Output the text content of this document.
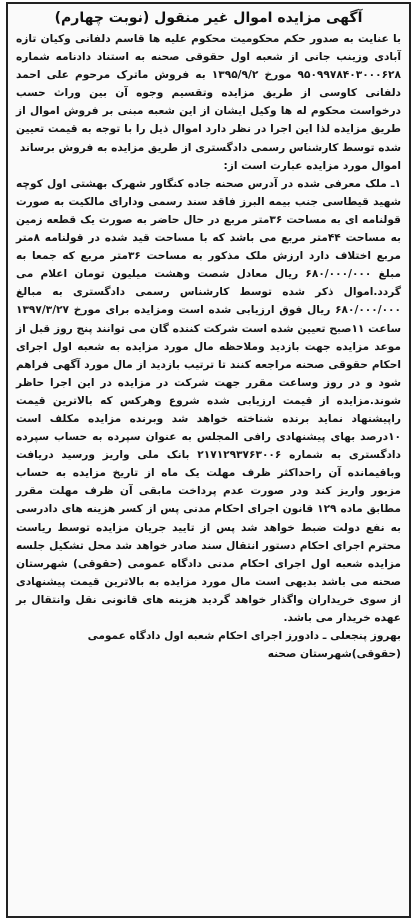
آگهی مزایده اموال غیر منقول (نوبت چهارم)

با عنایت به صدور حکم محکومیت محکوم علیه ها قاسم دلفانی وکیان تازه آبادی وزینب جانی از شعبه اول حقوقی صحنه به استناد دادنامه شماره ۹۵۰۹۹۷۸۴۰۳۰۰۰۶۲۸ مورخ ۱۳۹۵/۹/۲ به فروش ماترک مرحوم علی احمد دلفانی کاوسی از طریق مزایده وتقسیم وجوه آن بین وراث حسب درخواست محکوم له ها وکیل ایشان از این شعبه مبنی بر فروش اموال از طریق مزایده لذا این اجرا در نظر دارد اموال ذیل را با توجه به قیمت تعیین شده توسط کارشناس رسمی دادگستری از طریق مزایده به فروش برساند

اموال مورد مزایده عبارت است از:

۱ـ ملک معرفی شده در آدرس صحنه جاده کنگاور شهرک بهشتی اول کوچه شهید قیطاسی جنب بیمه البرز فاقد سند رسمی ودارای مالکیت به صورت قولنامه ای به مساحت ۳۶متر مربع در حال حاضر به صورت یک قطعه زمین به مساحت ۴۴متر مربع می باشد که با مساحت قید شده در قولنامه ۸متر مربع اختلاف دارد ارزش ملک مذکور به مساحت ۳۶متر مربع که جمعا به مبلغ ۶۸۰/۰۰۰/۰۰۰ ریال معادل شصت وهشت میلیون تومان اعلام می گردد.اموال ذکر شده توسط کارشناس رسمی دادگستری به مبالغ ۶۸۰/۰۰۰/۰۰۰ ریال فوق ارزیابی شده است ومزایده برای مورخ ۱۳۹۷/۳/۲۷ ساعت ۱۱صبح تعیین شده است شرکت کننده گان می توانند پنج روز قبل از موعد مزایده جهت بازدید وملاحظه مال مورد مزایده به شعبه اول اجرای احکام حقوقی صحنه مراجعه کنند تا ترتیب بازدید از مال مورد آگهی فراهم شود و در روز وساعت مقرر جهت شرکت در مزایده در این اجرا حاظر شوند.مزایده از قیمت ارزیابی شده شروع وهرکس که بالاترین قیمت راپیشنهاد نماید برنده شناخته خواهد شد وبرنده مزایده مکلف است ۱۰درصد بهای پیشنهادی رافی المجلس به عنوان سپرده به حساب سپرده دادگستری به شماره ۲۱۷۱۲۹۳۷۶۳۰۰۶ بانک ملی واریز ورسید دریافت وباقیمانده آن راحداکثر ظرف مهلت یک ماه از تاریخ مزایده به حساب مزبور واریز کند ودر صورت عدم پرداخت مابقی آن ظرف مهلت مقرر مطابق ماده ۱۲۹ قانون اجرای احکام مدنی پس از کسر هزینه های دادرسی به نفع دولت ضبط خواهد شد پس از تایید جریان مزایده توسط ریاست محترم اجرای احکام دستور انتقال سند صادر خواهد شد محل تشکیل جلسه مزایده شعبه اول اجرای احکام مدنی دادگاه عمومی (حقوقی) شهرستان صحنه می باشد بدیهی است مال مورد مزایده به بالاترین قیمت پیشنهادی از سوی خریداران واگذار خواهد گردید هزینه های قانونی نقل وانتقال بر عهده خریدار می باشد.

بهروز پنجعلی ـ دادورز اجرای احکام شعبه اول دادگاه عمومی
(حقوقی)شهرستان صحنه
